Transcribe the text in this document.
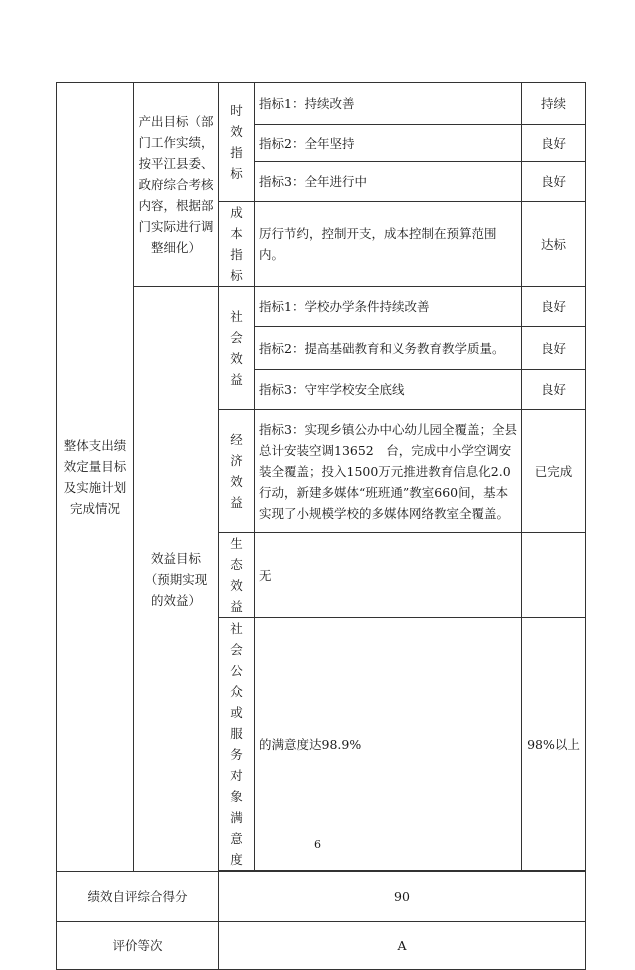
整体支出绩效定量目标及实施计划完成情况	产出目标（部门工作实绩，按平江县委、政府综合考核内容，根据部门实际进行调整细化）	时效指标	指标1：持续改善	持续
			指标2：全年坚持	良好
			指标3：全年进行中	良好

		成本指标	厉行节约，控制开支，成本控制在预算范围内。	达标

	效益目标（预期实现的效益）	社会效益	指标1：学校办学条件持续改善	良好
			指标2：提高基础教育和义务教育教学质量。	良好
			指标3：守牢学校安全底线	良好

		经济效益	指标3：实现乡镇公办中心幼儿园全覆盖；全县总计安装空调13652　台，完成中小学空调安装全覆盖；投入1500万元推进教育信息化2.0行动，新建多媒体“班班通”教室660间，基本实现了小规模学校的多媒体网络教室全覆盖。	已完成

		生态效益	无	

		社会公众或服务对象满意度	的满意度达98.9%	98%以上

绩效自评综合得分		90		
评价等次		A		
6
